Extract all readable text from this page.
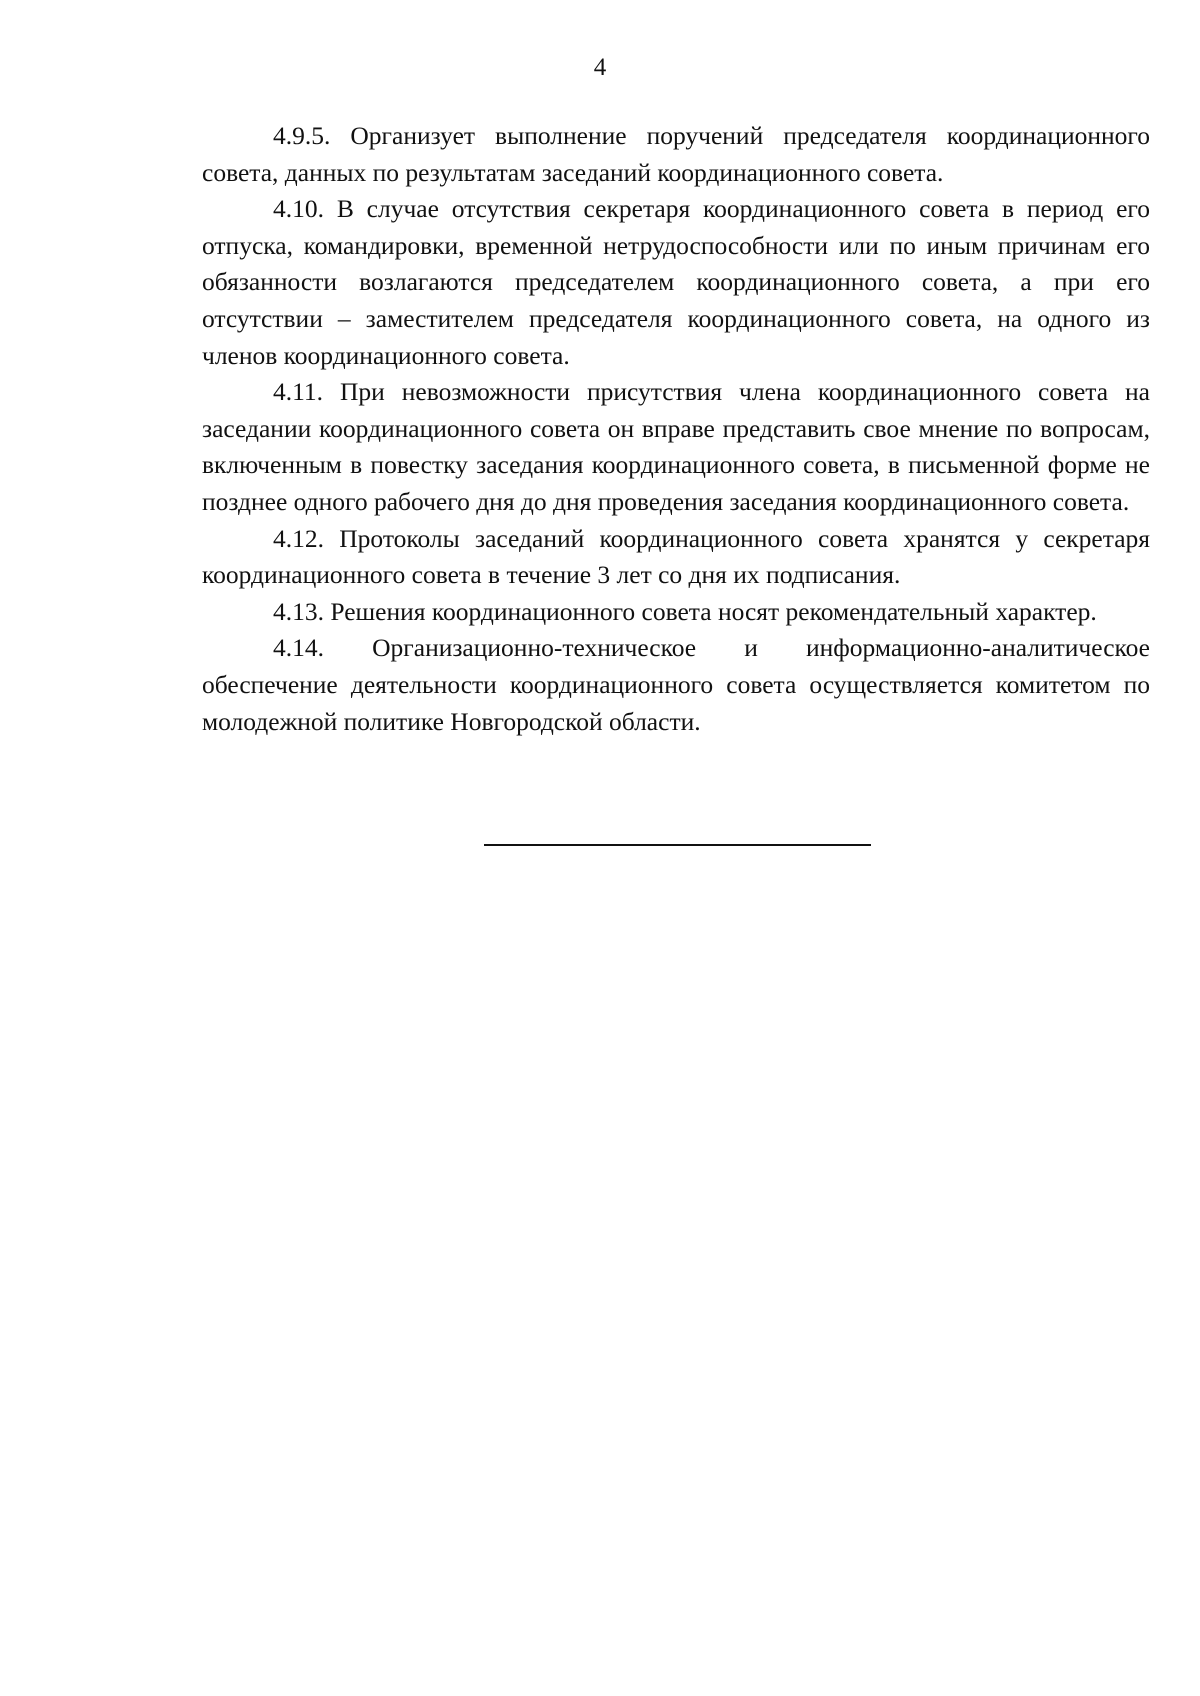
4

4.9.5. Организует выполнение поручений председателя координационного совета, данных по результатам заседаний координационного совета.

4.10. В случае отсутствия секретаря координационного совета в период его отпуска, командировки, временной нетрудоспособности или по иным причинам его обязанности возлагаются председателем координационного совета, а при его отсутствии – заместителем председателя координационного совета, на одного из членов координационного совета.

4.11. При невозможности присутствия члена координационного совета на заседании координационного совета он вправе представить свое мнение по вопросам, включенным в повестку заседания координационного совета, в письменной форме не позднее одного рабочего дня до дня проведения заседания координационного совета.

4.12. Протоколы заседаний координационного совета хранятся у секретаря координационного совета в течение 3 лет со дня их подписания.

4.13. Решения координационного совета носят рекомендательный характер.

4.14. Организационно-техническое и информационно-аналитическое обеспечение деятельности координационного совета осуществляется комитетом по молодежной политике Новгородской области.
